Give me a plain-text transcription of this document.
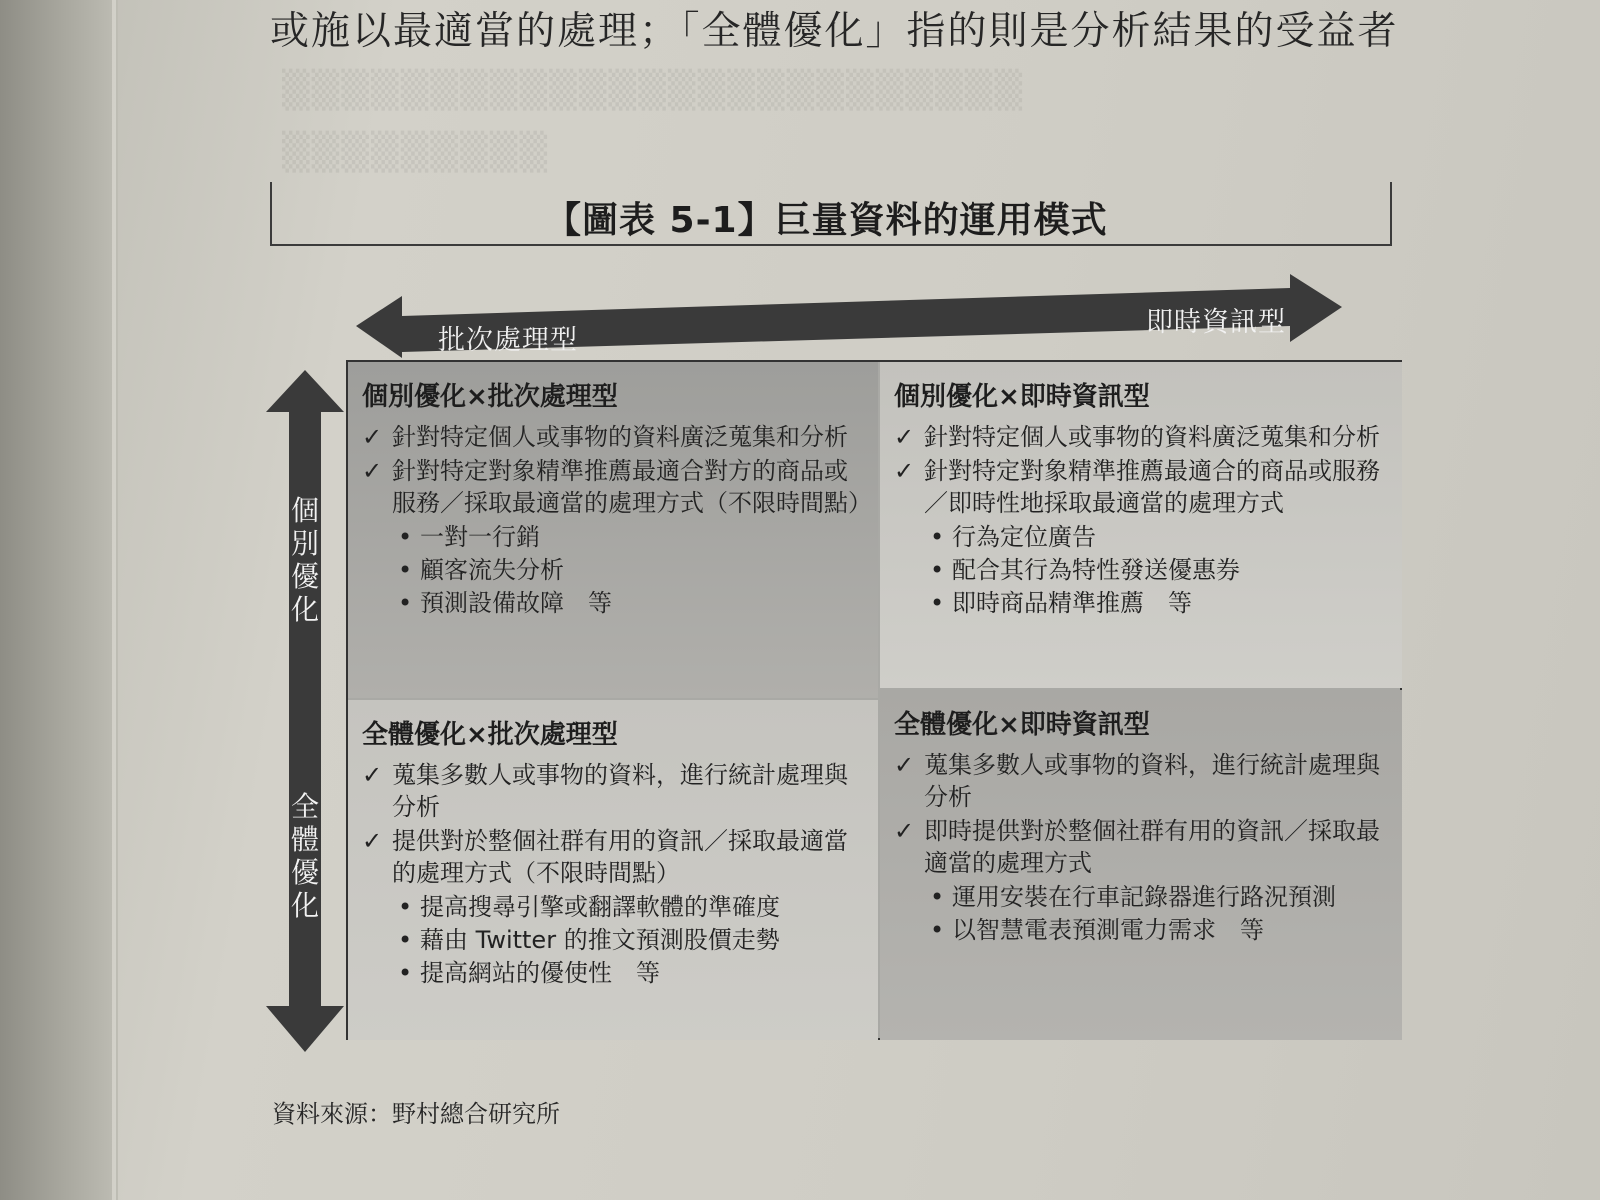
▒▒▒▒▒▒▒▒▒▒▒▒▒▒▒▒▒▒▒▒▒▒▒▒▒
▒▒▒▒▒▒▒▒▒
或施以最適當的處理；「全體優化」指的則是分析結果的受益者
【圖表 5-1】巨量資料的運用模式
批次處理型
即時資訊型
個別優化
全體優化
個別優化×批次處理型
✓ 針對特定個人或事物的資料廣泛蒐集和分析
✓ 針對特定對象精準推薦最適合對方的商品或服務／採取最適當的處理方式（不限時間點）
• 一對一行銷
• 顧客流失分析
• 預測設備故障　等
個別優化×即時資訊型
✓ 針對特定個人或事物的資料廣泛蒐集和分析
✓ 針對特定對象精準推薦最適合的商品或服務／即時性地採取最適當的處理方式
• 行為定位廣告
• 配合其行為特性發送優惠券
• 即時商品精準推薦　等
全體優化×批次處理型
✓ 蒐集多數人或事物的資料，進行統計處理與分析
✓ 提供對於整個社群有用的資訊／採取最適當的處理方式（不限時間點）
• 提高搜尋引擎或翻譯軟體的準確度
• 藉由 Twitter 的推文預測股價走勢
• 提高網站的優使性　等
全體優化×即時資訊型
✓ 蒐集多數人或事物的資料，進行統計處理與分析
✓ 即時提供對於整個社群有用的資訊／採取最適當的處理方式
• 運用安裝在行車記錄器進行路況預測
• 以智慧電表預測電力需求　等
資料來源：野村總合研究所
